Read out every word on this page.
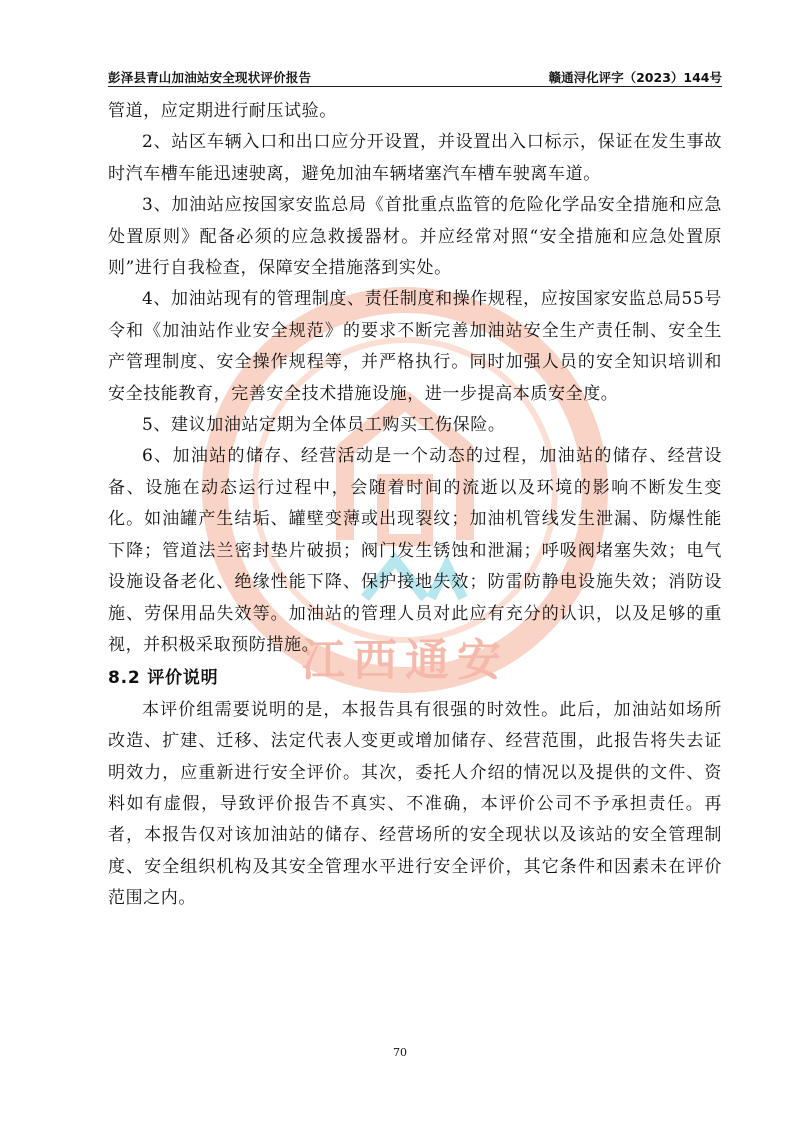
彭泽县青山加油站安全现状评价报告	赣通浔化评字（2023）144号
江西通安

管道，应定期进行耐压试验。

2、站区车辆入口和出口应分开设置，并设置出入口标示，保证在发生事故时汽车槽车能迅速驶离，避免加油车辆堵塞汽车槽车驶离车道。

3、加油站应按国家安监总局《首批重点监管的危险化学品安全措施和应急处置原则》配备必须的应急救援器材。并应经常对照“安全措施和应急处置原则”进行自我检查，保障安全措施落到实处。

4、加油站现有的管理制度、责任制度和操作规程，应按国家安监总局55号令和《加油站作业安全规范》的要求不断完善加油站安全生产责任制、安全生产管理制度、安全操作规程等，并严格执行。同时加强人员的安全知识培训和安全技能教育，完善安全技术措施设施，进一步提高本质安全度。

5、建议加油站定期为全体员工购买工伤保险。

6、加油站的储存、经营活动是一个动态的过程，加油站的储存、经营设备、设施在动态运行过程中，会随着时间的流逝以及环境的影响不断发生变化。如油罐产生结垢、罐壁变薄或出现裂纹；加油机管线发生泄漏、防爆性能下降；管道法兰密封垫片破损；阀门发生锈蚀和泄漏；呼吸阀堵塞失效；电气设施设备老化、绝缘性能下降、保护接地失效；防雷防静电设施失效；消防设施、劳保用品失效等。加油站的管理人员对此应有充分的认识，以及足够的重视，并积极采取预防措施。

8.2 评价说明

本评价组需要说明的是，本报告具有很强的时效性。此后，加油站如场所改造、扩建、迁移、法定代表人变更或增加储存、经营范围，此报告将失去证明效力，应重新进行安全评价。其次，委托人介绍的情况以及提供的文件、资料如有虚假，导致评价报告不真实、不准确，本评价公司不予承担责任。再者，本报告仅对该加油站的储存、经营场所的安全现状以及该站的安全管理制度、安全组织机构及其安全管理水平进行安全评价，其它条件和因素未在评价范围之内。

70
